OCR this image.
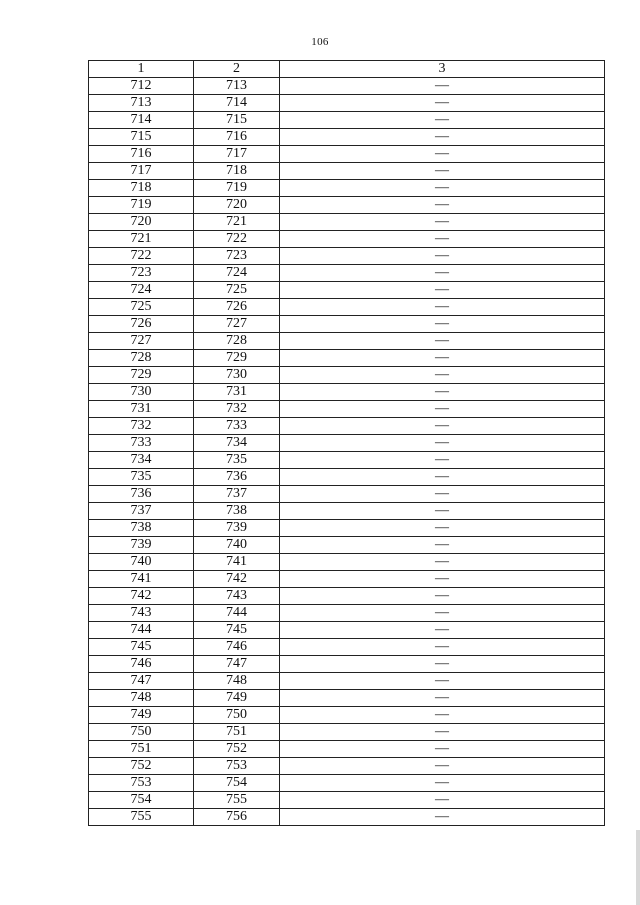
106
1	2	3
712	713	—
713	714	—
714	715	—
715	716	—
716	717	—
717	718	—
718	719	—
719	720	—
720	721	—
721	722	—
722	723	—
723	724	—
724	725	—
725	726	—
726	727	—
727	728	—
728	729	—
729	730	—
730	731	—
731	732	—
732	733	—
733	734	—
734	735	—
735	736	—
736	737	—
737	738	—
738	739	—
739	740	—
740	741	—
741	742	—
742	743	—
743	744	—
744	745	—
745	746	—
746	747	—
747	748	—
748	749	—
749	750	—
750	751	—
751	752	—
752	753	—
753	754	—
754	755	—
755	756	—
